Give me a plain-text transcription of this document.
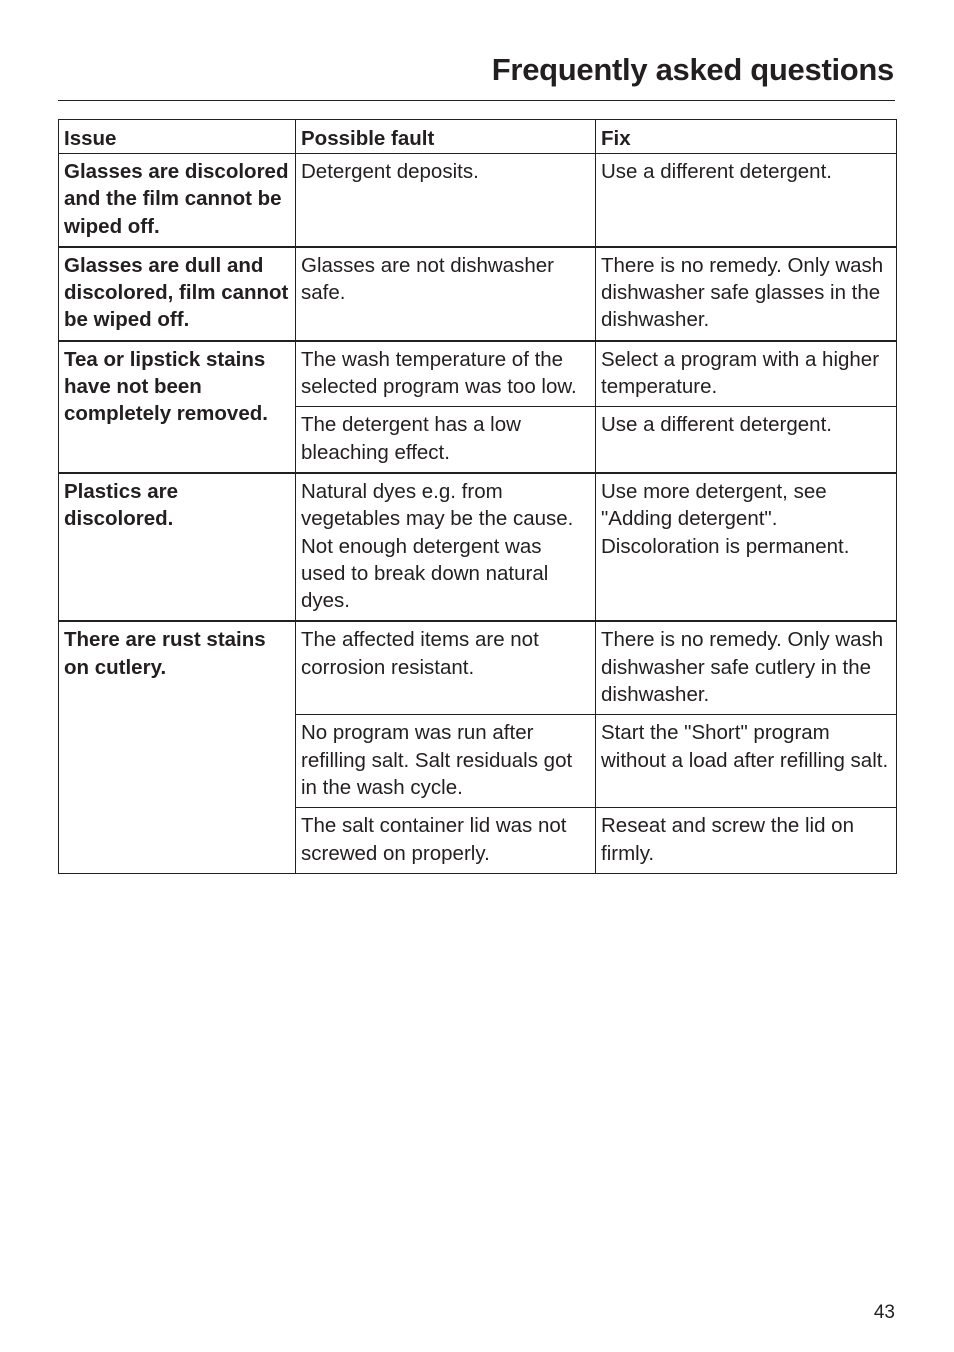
Frequently asked questions
Issue	Possible fault	Fix
Glasses are discolored and the film cannot be wiped off.	Detergent deposits.	Use a different detergent.
Glasses are dull and discolored, film cannot be wiped off.	Glasses are not dishwasher safe.	There is no remedy. Only wash dishwasher safe glasses in the dishwasher.
Tea or lipstick stains have not been completely removed.	The wash temperature of the selected program was too low.	Select a program with a higher temperature.
	The detergent has a low bleaching effect.	Use a different detergent.
Plastics are discolored.	Natural dyes e.g. from vegetables may be the cause. Not enough detergent was used to break down natural dyes.	Use more detergent, see "Adding detergent". Discoloration is permanent.
There are rust stains on cutlery.	The affected items are not corrosion resistant.	There is no remedy. Only wash dishwasher safe cutlery in the dishwasher.
	No program was run after refilling salt. Salt residuals got in the wash cycle.	Start the "Short" program without a load after refilling salt.
	The salt container lid was not screwed on properly.	Reseat and screw the lid on firmly.
43
